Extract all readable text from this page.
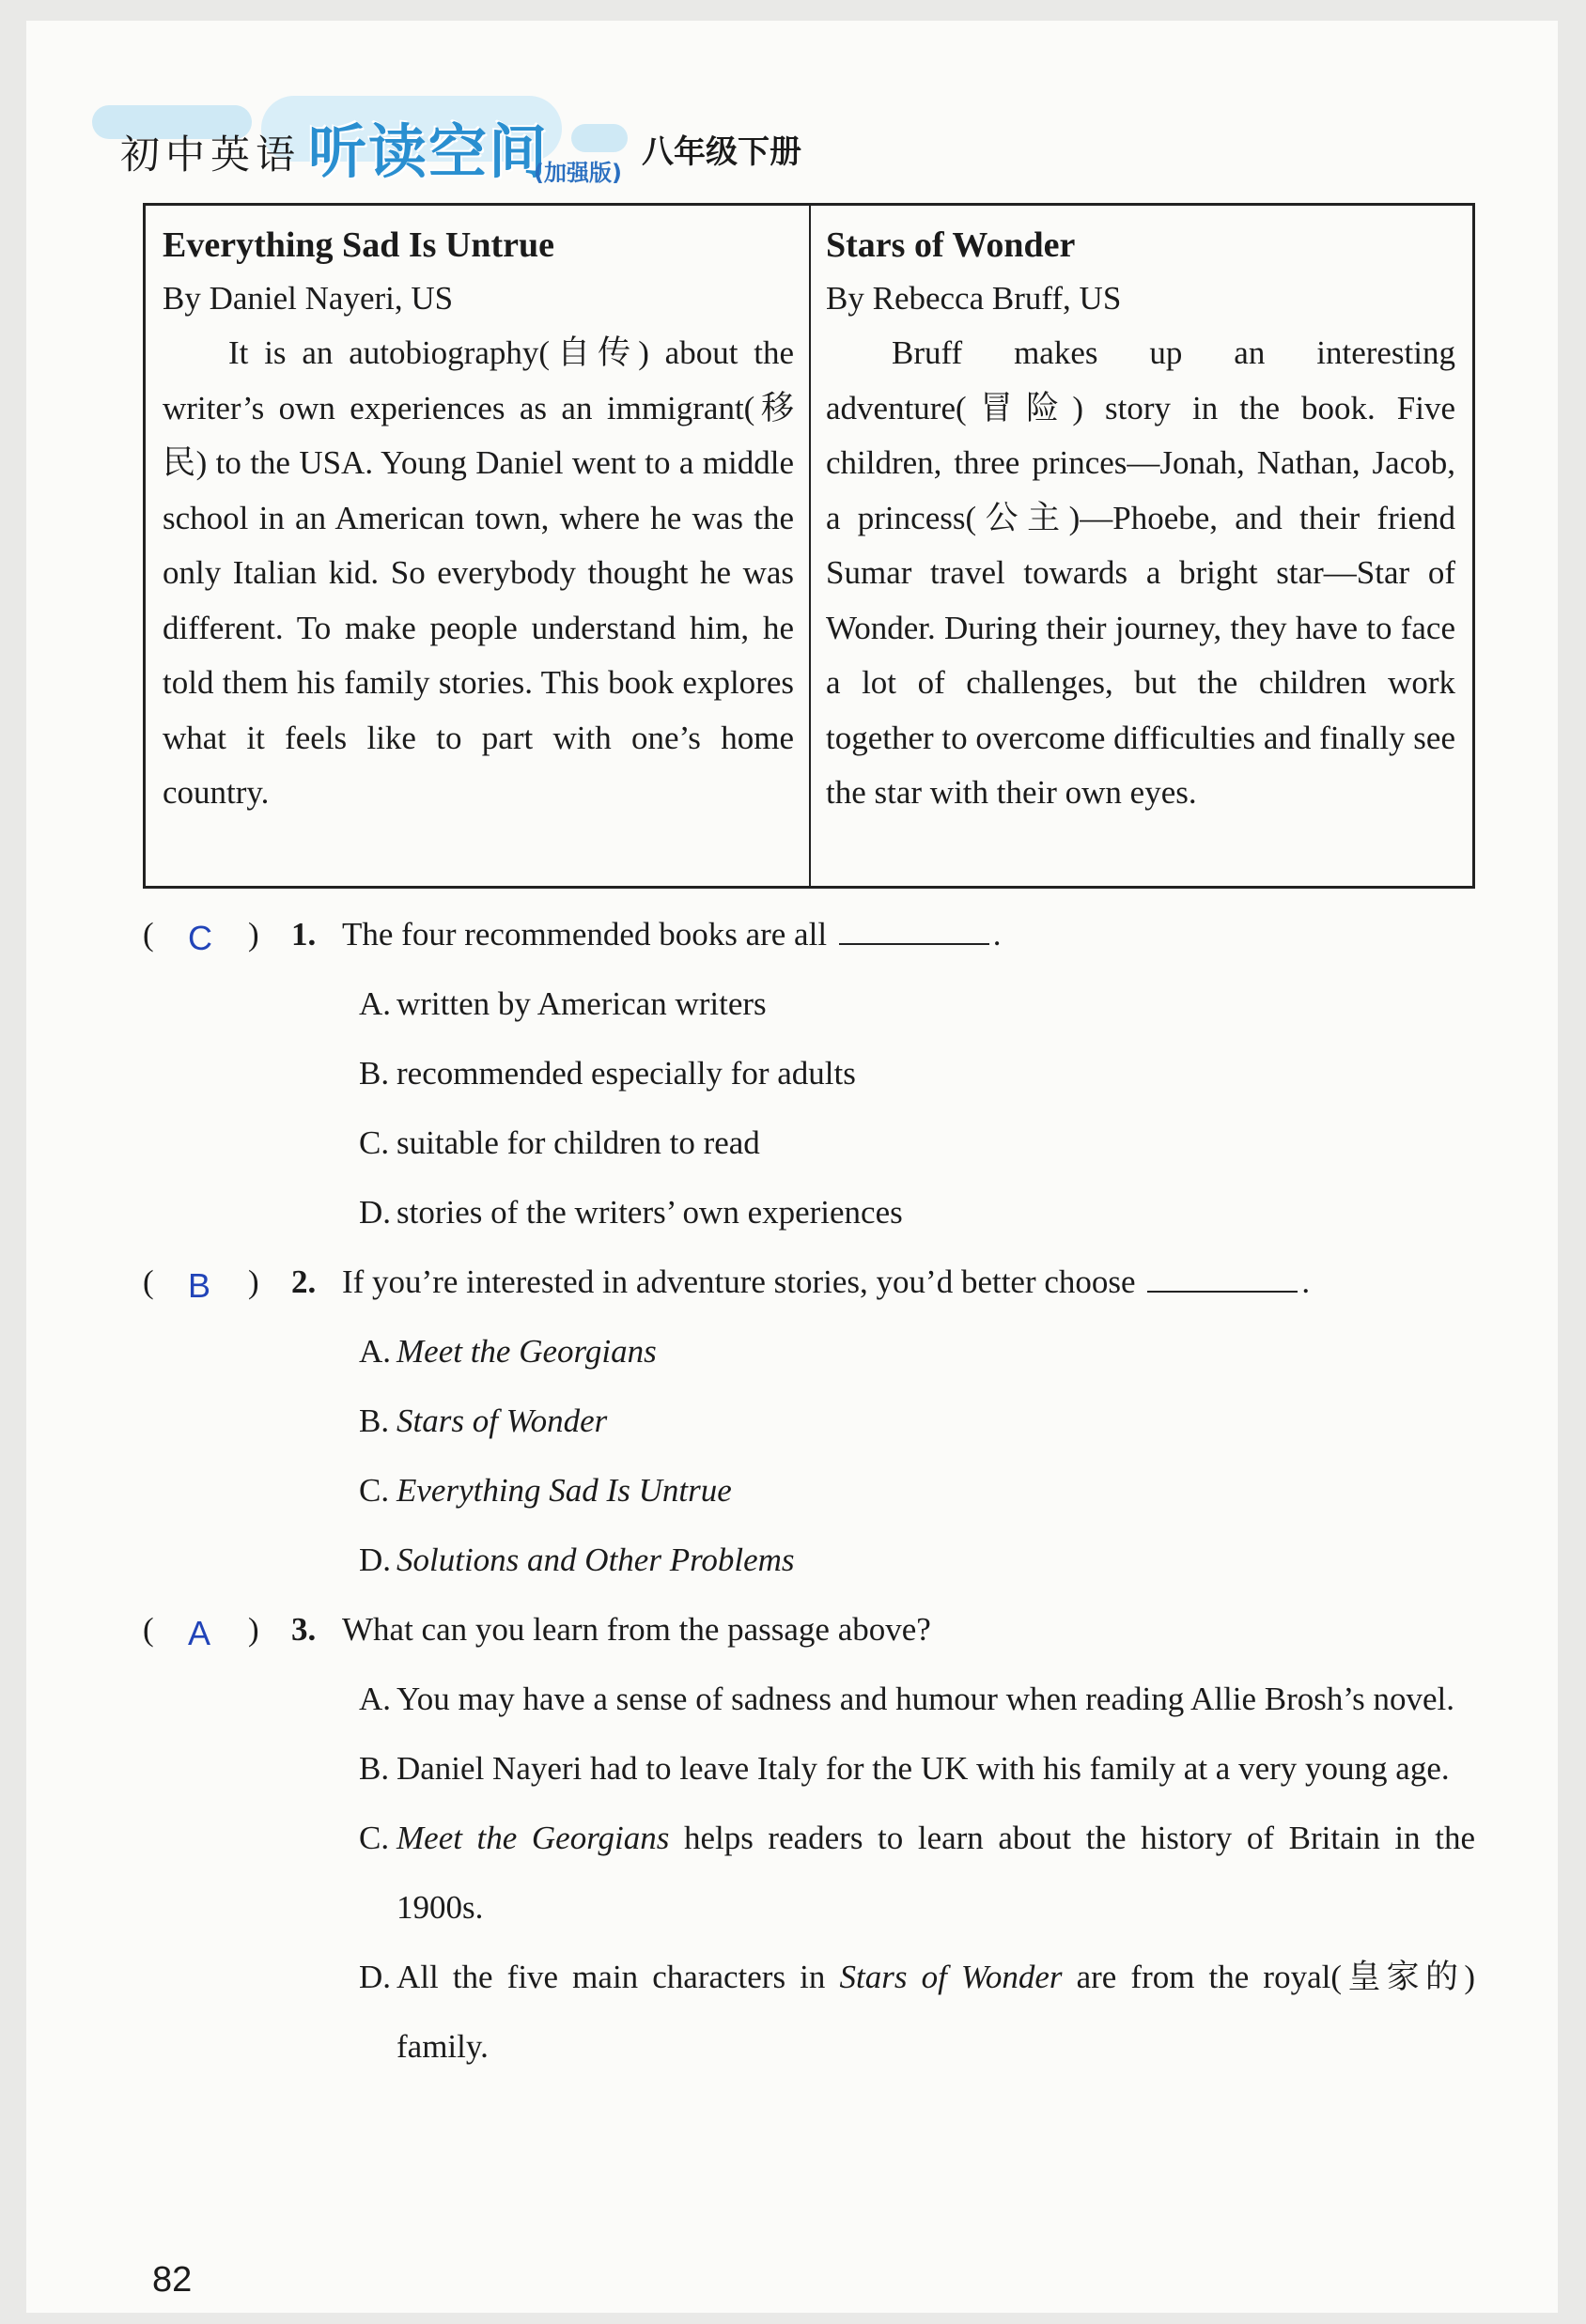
初中英语 听读空间
(加强版)
八年级下册

Everything Sad Is Untrue

By Daniel Nayeri, US

It is an autobiography(自传) about the writer’s own experiences as an immigrant(移民) to the USA. Young Daniel went to a middle school in an American town, where he was the only Italian kid. So everybody thought he was different. To make people understand him, he told them his family stories. This book explores what it feels like to part with one’s home country.

Stars of Wonder

By Rebecca Bruff, US

Bruff makes up an interesting adventure(冒险) story in the book. Five children, three princes—Jonah, Nathan, Jacob, a princess(公主)—Phoebe, and their friend Sumar travel towards a bright star—Star of Wonder. During their journey, they have to face a lot of challenges, but the children work together to overcome difficulties and finally see the star with their own eyes.

(	)
C 1. The four recommended books are all	.
A. written by American writers
B. recommended especially for adults
C. suitable for children to read
D. stories of the writers’ own experiences
(	)
B 2. If you’re interested in adventure stories, you’d better choose	.
A. Meet the Georgians
B. Stars of Wonder
C. Everything Sad Is Untrue
D. Solutions and Other Problems
(	)
A 3. What can you learn from the passage above?
A. You may have a sense of sadness and humour when reading Allie Brosh’s novel.
B. Daniel Nayeri had to leave Italy for the UK with his family at a very young age.
C. Meet the Georgians helps readers to learn about the history of Britain in the 1900s.
D. All the five main characters in Stars of Wonder are from the royal(皇家的) family.
82
